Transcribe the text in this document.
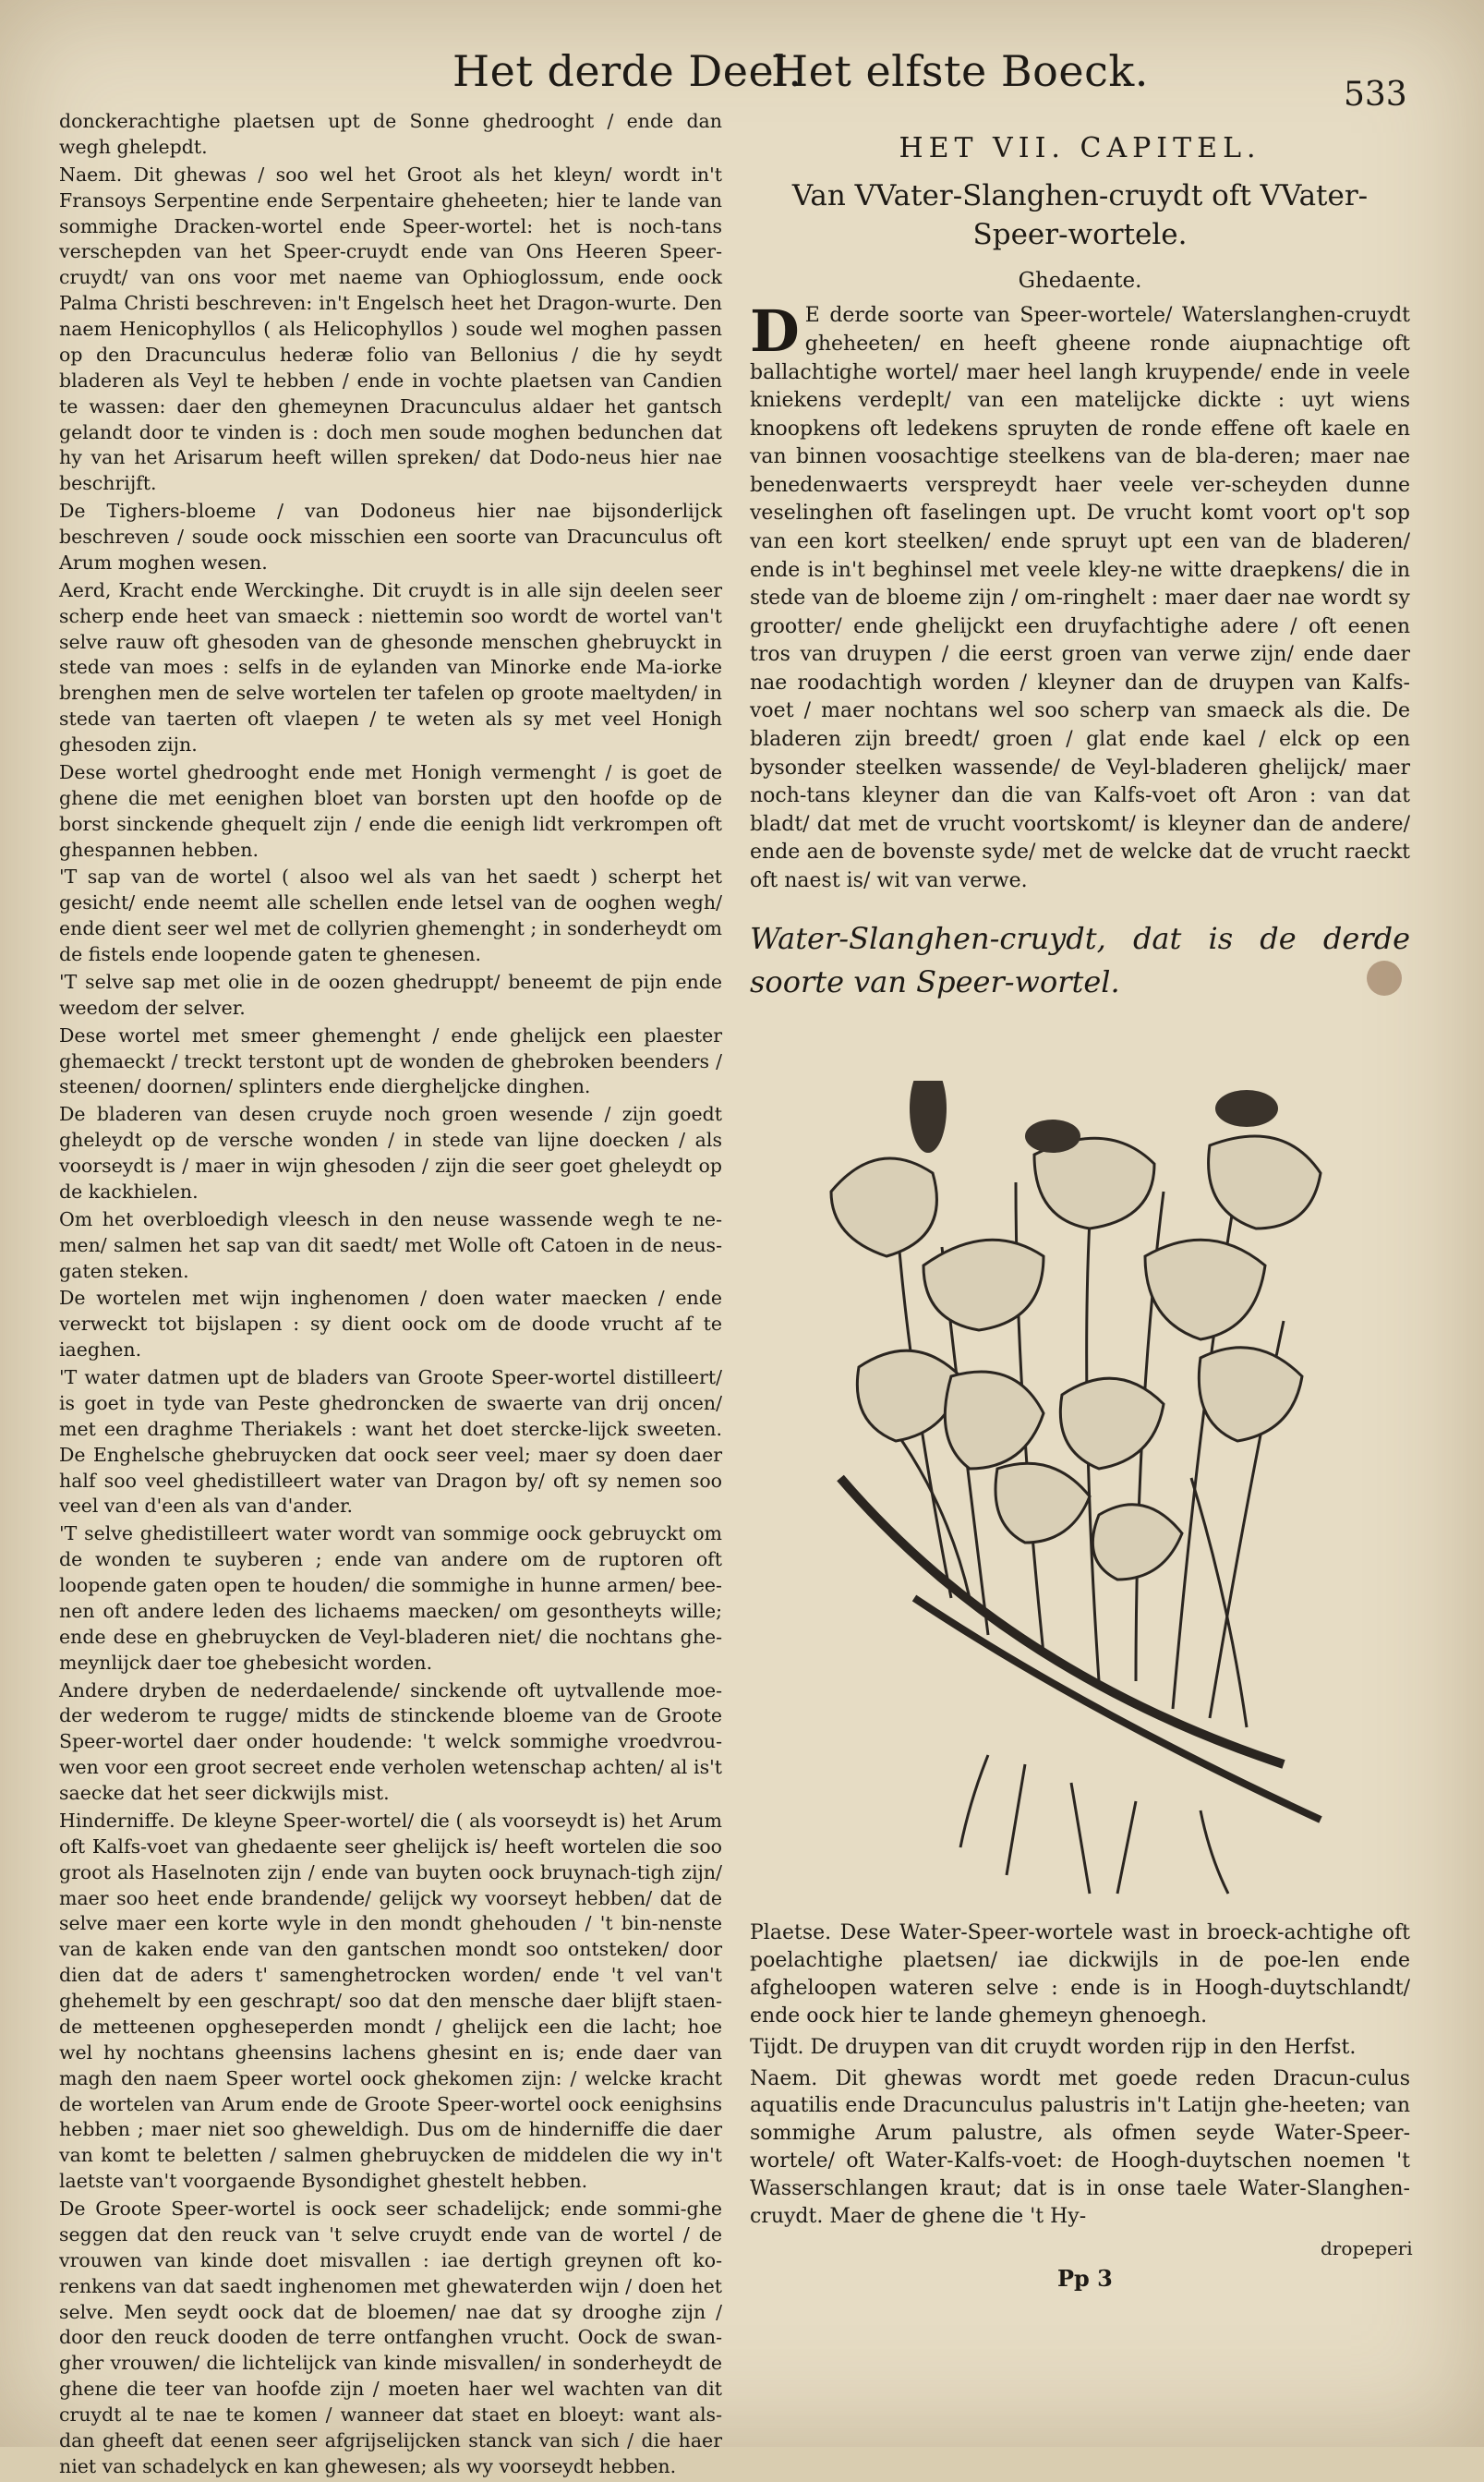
Het derde Deel.
Het elfste Boeck.	533

donckerachtighe plaetsen upt de Sonne ghedrooght / ende dan wegh ghelepdt.

Naem. Dit ghewas / soo wel het Groot als het kleyn/ wordt in't Fransoys Serpentine ende Serpentaire gheheeten; hier te lande van sommighe Dracken-wortel ende Speer-wortel: het is noch-tans verschepden van het Speer-cruydt ende van Ons Heeren Speer-cruydt/ van ons voor met naeme van Ophioglossum, ende oock Palma Christi beschreven: in't Engelsch heet het Dragon-wurte. Den naem Henicophyllos ( als Helicophyllos ) soude wel moghen passen op den Dracunculus hederæ folio van Bellonius / die hy seydt bladeren als Veyl te hebben / ende in vochte plaetsen van Candien te wassen: daer den ghemeynen Dracunculus aldaer het gantsch gelandt door te vinden is : doch men soude moghen bedunchen dat hy van het Arisarum heeft willen spreken/ dat Dodo-neus hier nae beschrijft.

De Tighers-bloeme / van Dodoneus hier nae bijsonderlijck beschreven / soude oock misschien een soorte van Dracunculus oft Arum moghen wesen.

Aerd, Kracht ende Werckinghe. Dit cruydt is in alle sijn deelen seer scherp ende heet van smaeck : niettemin soo wordt de wortel van't selve rauw oft ghesoden van de ghesonde menschen ghebruyckt in stede van moes : selfs in de eylanden van Minorke ende Ma-iorke brenghen men de selve wortelen ter tafelen op groote maeltyden/ in stede van taerten oft vlaepen / te weten als sy met veel Honigh ghesoden zijn.

Dese wortel ghedrooght ende met Honigh vermenght / is goet de ghene die met eenighen bloet van borsten upt den hoofde op de borst sinckende ghequelt zijn / ende die eenigh lidt verkrompen oft ghespannen hebben.

'T sap van de wortel ( alsoo wel als van het saedt ) scherpt het gesicht/ ende neemt alle schellen ende letsel van de ooghen wegh/ ende dient seer wel met de collyrien ghemenght ; in sonderheydt om de fistels ende loopende gaten te ghenesen.

'T selve sap met olie in de oozen ghedruppt/ beneemt de pijn ende weedom der selver.

Dese wortel met smeer ghemenght / ende ghelijck een plaester ghemaeckt / treckt terstont upt de wonden de ghebroken beenders / steenen/ doornen/ splinters ende diergheljcke dinghen.

De bladeren van desen cruyde noch groen wesende / zijn goedt gheleydt op de versche wonden / in stede van lijne doecken / als voorseydt is / maer in wijn ghesoden / zijn die seer goet gheleydt op de kackhielen.

Om het overbloedigh vleesch in den neuse wassende wegh te ne-men/ salmen het sap van dit saedt/ met Wolle oft Catoen in de neus-gaten steken.

De wortelen met wijn inghenomen / doen water maecken / ende verweckt tot bijslapen : sy dient oock om de doode vrucht af te iaeghen.

'T water datmen upt de bladers van Groote Speer-wortel distilleert/ is goet in tyde van Peste ghedroncken de swaerte van drij oncen/ met een draghme Theriakels : want het doet stercke-lijck sweeten. De Enghelsche ghebruycken dat oock seer veel; maer sy doen daer half soo veel ghedistilleert water van Dragon by/ oft sy nemen soo veel van d'een als van d'ander.

'T selve ghedistilleert water wordt van sommige oock gebruyckt om de wonden te suyberen ; ende van andere om de ruptoren oft loopende gaten open te houden/ die sommighe in hunne armen/ bee-nen oft andere leden des lichaems maecken/ om gesontheyts wille; ende dese en ghebruycken de Veyl-bladeren niet/ die nochtans ghe-meynlijck daer toe ghebesicht worden.

Andere dryben de nederdaelende/ sinckende oft uytvallende moe-der wederom te rugge/ midts de stinckende bloeme van de Groote Speer-wortel daer onder houdende: 't welck sommighe vroedvrou-wen voor een groot secreet ende verholen wetenschap achten/ al is't saecke dat het seer dickwijls mist.

Hinderniffe. De kleyne Speer-wortel/ die ( als voorseydt is) het Arum oft Kalfs-voet van ghedaente seer ghelijck is/ heeft wortelen die soo groot als Haselnoten zijn / ende van buyten oock bruynach-tigh zijn/ maer soo heet ende brandende/ gelijck wy voorseyt hebben/ dat de selve maer een korte wyle in den mondt ghehouden / 't bin-nenste van de kaken ende van den gantschen mondt soo ontsteken/ door dien dat de aders t' samenghetrocken worden/ ende 't vel van't ghehemelt by een geschrapt/ soo dat den mensche daer blijft staen-de metteenen opgheseperden mondt / ghelijck een die lacht; hoe wel hy nochtans gheensins lachens ghesint en is; ende daer van magh den naem Speer wortel oock ghekomen zijn: / welcke kracht de wortelen van Arum ende de Groote Speer-wortel oock eenighsins hebben ; maer niet soo gheweldigh. Dus om de hinderniffe die daer van komt te beletten / salmen ghebruycken de middelen die wy in't laetste van't voorgaende Bysondighet ghestelt hebben.

De Groote Speer-wortel is oock seer schadelijck; ende sommi-ghe seggen dat den reuck van 't selve cruydt ende van de wortel / de vrouwen van kinde doet misvallen : iae dertigh greynen oft ko-renkens van dat saedt inghenomen met ghewaterden wijn / doen het selve. Men seydt oock dat de bloemen/ nae dat sy drooghe zijn / door den reuck dooden de terre ontfanghen vrucht. Oock de swan-gher vrouwen/ die lichtelijck van kinde misvallen/ in sonderheydt de ghene die teer van hoofde zijn / moeten haer wel wachten van dit cruydt al te nae te komen / wanneer dat staet en bloeyt: want als-dan gheeft dat eenen seer afgrijselijcken stanck van sich / die haer niet van schadelyck en kan ghewesen; als wy voorseydt hebben.

HET VII. CAPITEL.

Van VVater-Slanghen-cruydt oft VVater-
Speer-wortele.

Ghedaente.

D E derde soorte van Speer-wortele/ Waterslanghen-cruydt gheheeten/ en heeft gheene ronde aiupnachtige oft ballachtighe wortel/ maer heel langh kruypende/ ende in veele kniekens verdeplt/ van een matelijcke dickte : uyt wiens knoopkens oft ledekens spruyten de ronde effene oft kaele en van binnen voosachtige steelkens van de bla-deren; maer nae benedenwaerts verspreydt haer veele ver-scheyden dunne veselinghen oft faselingen upt. De vrucht komt voort op't sop van een kort steelken/ ende spruyt upt een van de bladeren/ ende is in't beghinsel met veele kley-ne witte draepkens/ die in stede van de bloeme zijn / om-ringhelt : maer daer nae wordt sy grootter/ ende ghelijckt een druyfachtighe adere / oft eenen tros van druypen / die eerst groen van verwe zijn/ ende daer nae roodachtigh worden / kleyner dan de druypen van Kalfs-voet / maer nochtans wel soo scherp van smaeck als die. De bladeren zijn breedt/ groen / glat ende kael / elck op een bysonder steelken wassende/ de Veyl-bladeren ghelijck/ maer noch-tans kleyner dan die van Kalfs-voet oft Aron : van dat bladt/ dat met de vrucht voortskomt/ is kleyner dan de andere/ ende aen de bovenste syde/ met de welcke dat de vrucht raeckt oft naest is/ wit van verwe.

Water-Slanghen-cruydt, dat is de derde soorte van Speer-wortel.

Plaetse. Dese Water-Speer-wortele wast in broeck-achtighe oft poelachtighe plaetsen/ iae dickwijls in de poe-len ende afgheloopen wateren selve : ende is in Hoogh-duytschlandt/ ende oock hier te lande ghemeyn ghenoegh.

Tijdt. De druypen van dit cruydt worden rijp in den Herfst.

Naem. Dit ghewas wordt met goede reden Dracun-culus aquatilis ende Dracunculus palustris in't Latijn ghe-heeten; van sommighe Arum palustre, als ofmen seyde Water-Speer-wortele/ oft Water-Kalfs-voet: de Hoogh-duytschen noemen 't Wasserschlangen kraut; dat is in onse taele Water-Slanghen-cruydt. Maer de ghene die 't Hy-

Pp 3
dropeperi
